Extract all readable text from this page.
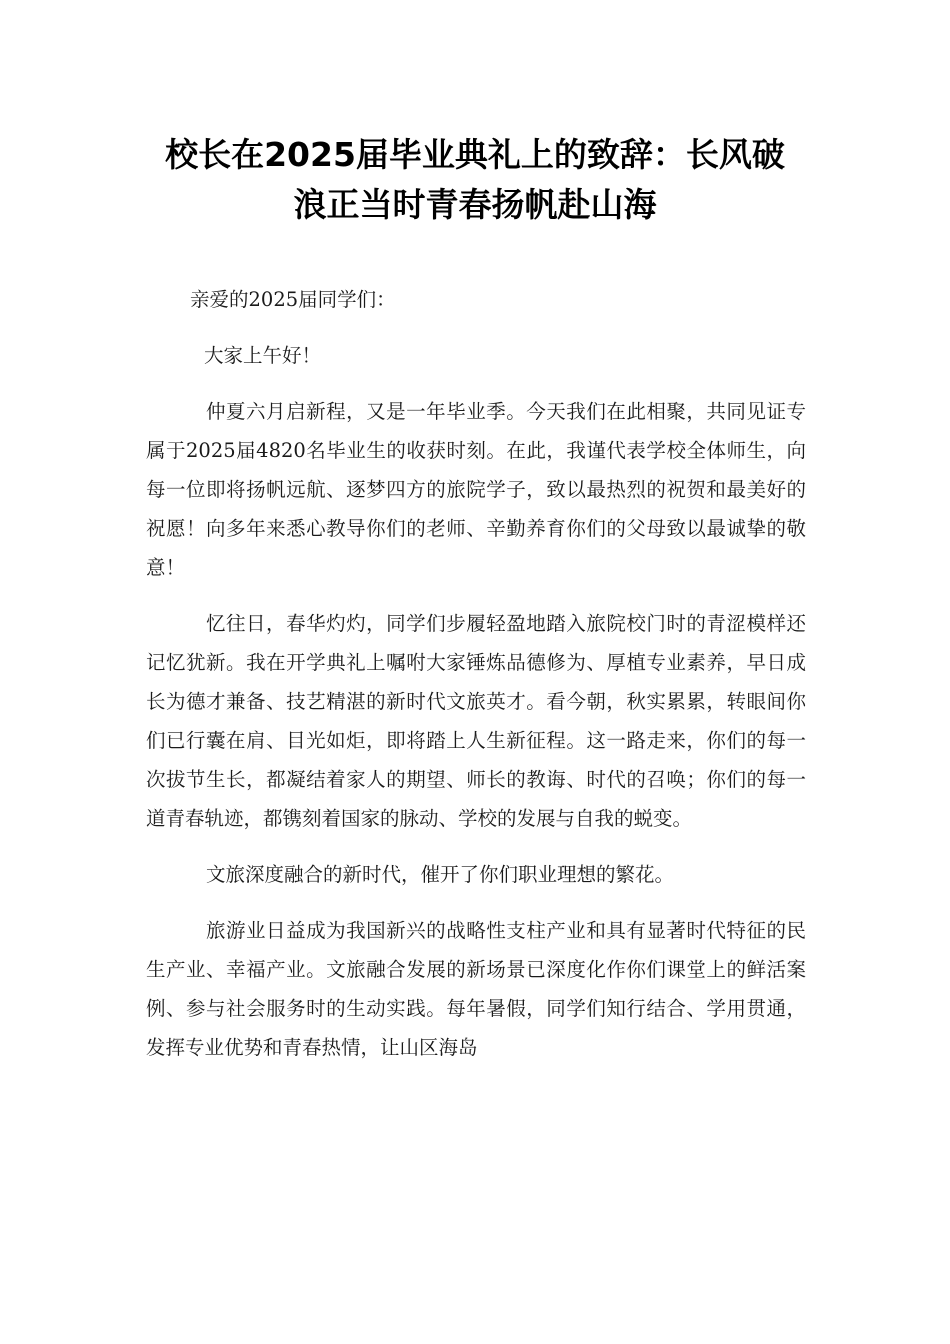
校长在2025届毕业典礼上的致辞：长风破
浪正当时青春扬帆赴山海

亲爱的2025届同学们：

大家上午好！

仲夏六月启新程，又是一年毕业季。今天我们在此相聚，共同见证专属于2025届4820名毕业生的收获时刻。在此，我谨代表学校全体师生，向每一位即将扬帆远航、逐梦四方的旅院学子，致以最热烈的祝贺和最美好的祝愿！向多年来悉心教导你们的老师、辛勤养育你们的父母致以最诚挚的敬意！

忆往日，春华灼灼，同学们步履轻盈地踏入旅院校门时的青涩模样还记忆犹新。我在开学典礼上嘱咐大家锤炼品德修为、厚植专业素养，早日成长为德才兼备、技艺精湛的新时代文旅英才。看今朝，秋实累累，转眼间你们已行囊在肩、目光如炬，即将踏上人生新征程。这一路走来，你们的每一次拔节生长，都凝结着家人的期望、师长的教诲、时代的召唤；你们的每一道青春轨迹，都镌刻着国家的脉动、学校的发展与自我的蜕变。

文旅深度融合的新时代，催开了你们职业理想的繁花。

旅游业日益成为我国新兴的战略性支柱产业和具有显著时代特征的民生产业、幸福产业。文旅融合发展的新场景已深度化作你们课堂上的鲜活案例、参与社会服务时的生动实践。每年暑假，同学们知行结合、学用贯通，发挥专业优势和青春热情，让山区海岛
